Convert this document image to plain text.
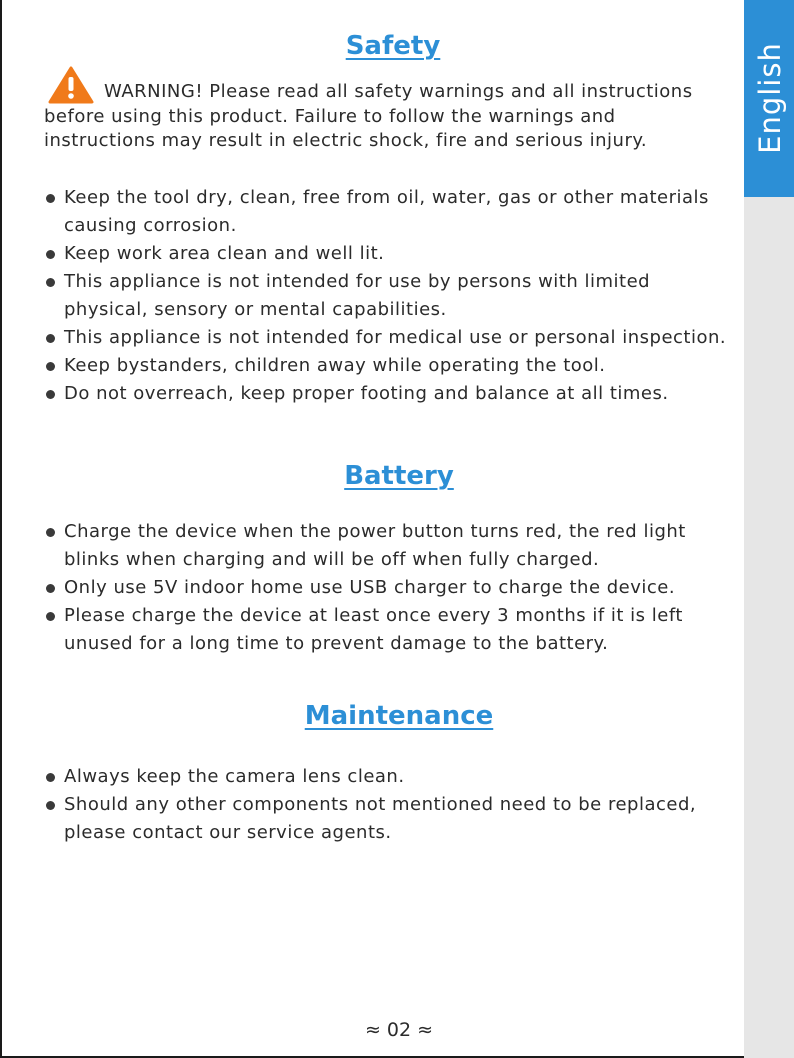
English
Safety
WARNING! Please read all safety warnings and all instructions before using this product. Failure to follow the warnings and instructions may result in electric shock, fire and serious injury.
Keep the tool dry, clean, free from oil, water, gas or other materials causing corrosion.
Keep work area clean and well lit.
This appliance is not intended for use by persons with limited physical, sensory or mental capabilities.
This appliance is not intended for medical use or personal inspection.
Keep bystanders, children away while operating the tool.
Do not overreach, keep proper footing and balance at all times.
Battery
Charge the device when the power button turns red, the red light blinks when charging and will be off when fully charged.
Only use 5V indoor home use USB charger to charge the device.
Please charge the device at least once every 3 months if it is left unused for a long time to prevent damage to the battery.
Maintenance
Always keep the camera lens clean.
Should any other components not mentioned need to be replaced, please contact our service agents.
≈ 02 ≈
